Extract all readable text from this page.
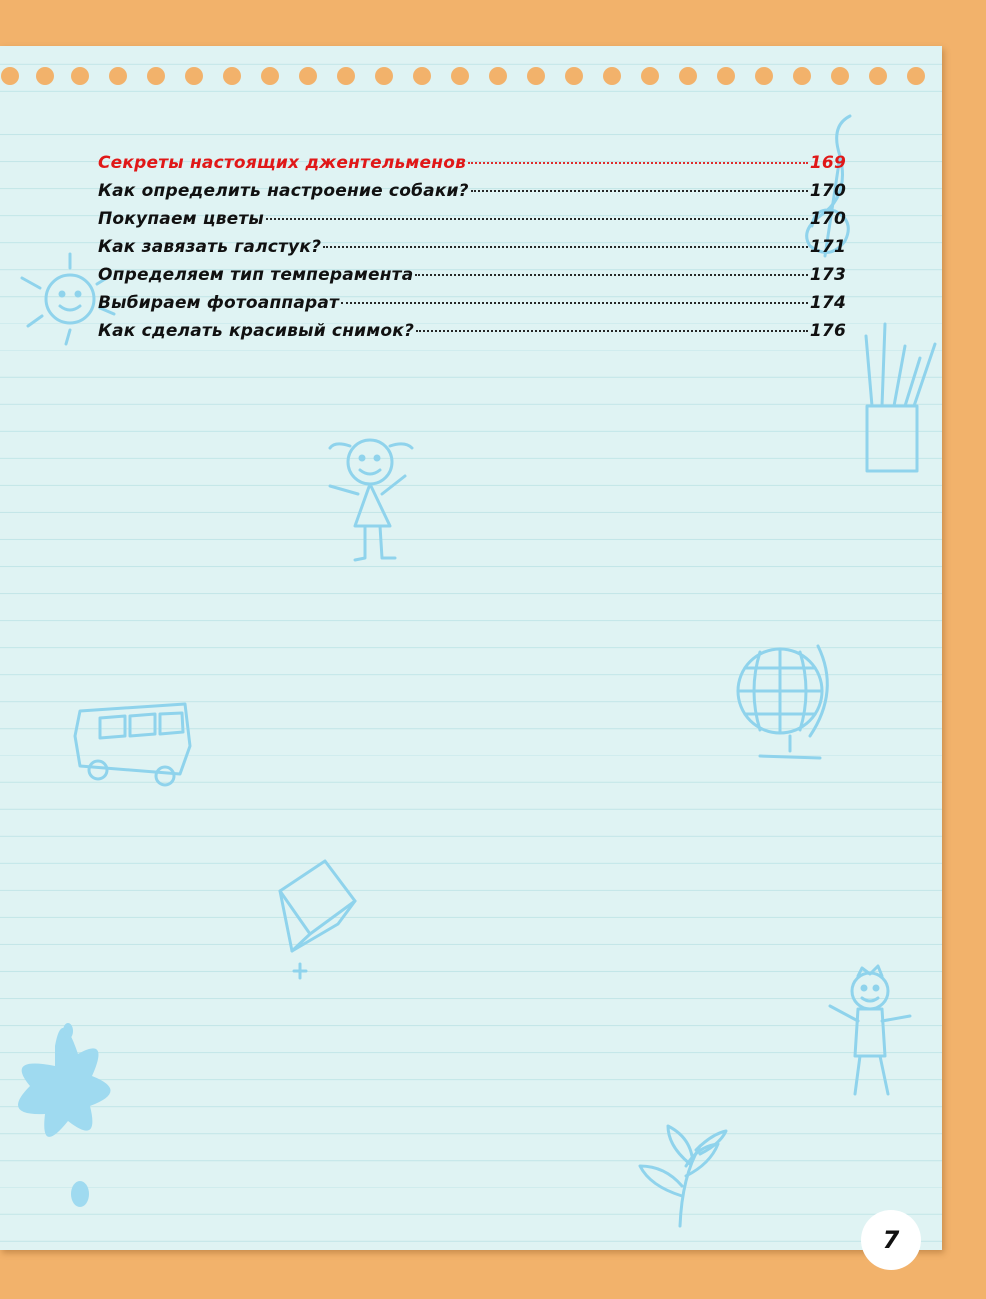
Секреты настоящих джентельменов	169
Как определить настроение собаки?	170
Покупаем цветы	170
Как завязать галстук?	171
Определяем тип темперамента	173
Выбираем фотоаппарат	174
Как сделать красивый снимок?	176
7
